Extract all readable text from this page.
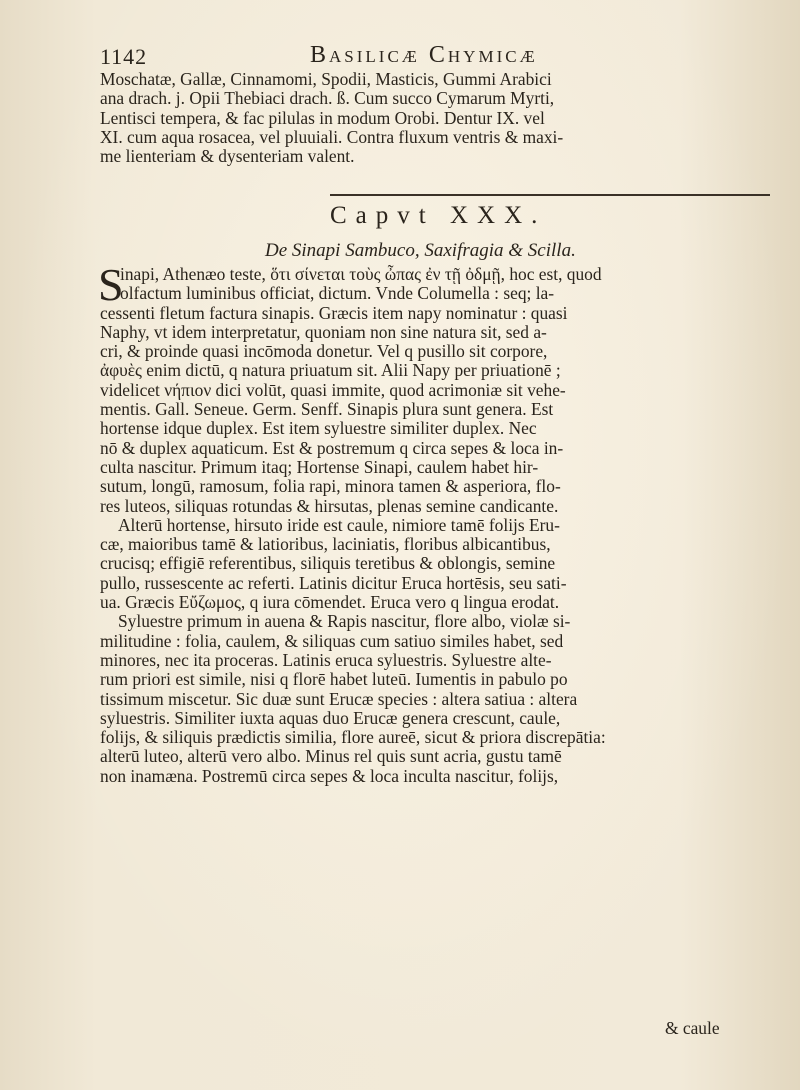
1142	Basilicæ Chymicæ
Moschatæ, Gallæ, Cinnamomi, Spodii, Masticis, Gummi Arabici
ana drach. j. Opii Thebiaci drach. ß. Cum succo Cymarum Myrti,
Lentisci tempera, & fac pilulas in modum Orobi. Dentur IX. vel
XI. cum aqua rosacea, vel pluuiali. Contra fluxum ventris & maxi-
me lienteriam & dysenteriam valent.
Capvt XXX.
De Sinapi Sambuco, Saxifragia & Scilla.
S
inapi, Athenæo teste, ὅτι σίνεται τοὺς ὦπας ἐν τῇ ὀδμῇ, hoc est, quod
olfactum luminibus officiat, dictum. Vnde Columella : seq; la-
cessenti fletum factura sinapis. Græcis item napy nominatur : quasi
Naphy, vt idem interpretatur, quoniam non sine natura sit, sed a-
cri, & proinde quasi incōmoda donetur. Vel q pusillo sit corpore,
ἀφυὲς enim dictū, q natura priuatum sit. Alii Napy per priuationē ;
videlicet νήπιον dici volūt, quasi immite, quod acrimoniæ sit vehe-
mentis. Gall. Seneue. Germ. Senff. Sinapis plura sunt genera. Est
hortense idque duplex. Est item syluestre similiter duplex. Nec
nō & duplex aquaticum. Est & postremum q circa sepes & loca in-
culta nascitur. Primum itaq; Hortense Sinapi, caulem habet hir-
sutum, longū, ramosum, folia rapi, minora tamen & asperiora, flo-
res luteos, siliquas rotundas & hirsutas, plenas semine candicante.
Alterū hortense, hirsuto iride est caule, nimiore tamē folijs Eru-
cæ, maioribus tamē & latioribus, laciniatis, floribus albicantibus,
crucisq; effigiē referentibus, siliquis teretibus & oblongis, semine
pullo, russescente ac referti. Latinis dicitur Eruca hortēsis, seu sati-
ua. Græcis Εὔζωμος, q iura cōmendet. Eruca vero q lingua erodat.
Syluestre primum in auena & Rapis nascitur, flore albo, violæ si-
militudine : folia, caulem, & siliquas cum satiuo similes habet, sed
minores, nec ita proceras. Latinis eruca syluestris. Syluestre alte-
rum priori est simile, nisi q florē habet luteū. Iumentis in pabulo po
tissimum miscetur. Sic duæ sunt Erucæ species : altera satiua : altera
syluestris. Similiter iuxta aquas duo Erucæ genera crescunt, caule,
folijs, & siliquis prædictis similia, flore aureē, sicut & priora discrepātia:
alterū luteo, alterū vero albo. Minus rel quis sunt acria, gustu tamē
non inamæna. Postremū circa sepes & loca inculta nascitur, folijs,
& caule
